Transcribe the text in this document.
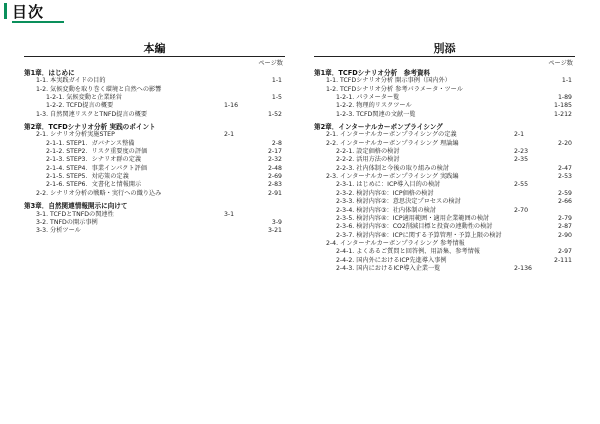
目次
本編
ページ数
第1章．はじめに
1-1. 本実践ガイドの目的	1-1
1-2. 気候変動を取り巻く環境と自然への影響
1-2-1. 気候変動と企業経営	1-5
1-2-2. TCFD提言の概要	1-16
1-3. 自然関連リスクとTNFD提言の概要	1-52
第2章．TCFDシナリオ分析 実践のポイント
2-1. シナリオ分析実施STEP	2-1
2-1-1. STEP1．ガバナンス整備	2-8
2-1-2. STEP2．リスク重要度の評価	2-17
2-1-3. STEP3．シナリオ群の定義	2-32
2-1-4. STEP4．事業インパクト評価	2-48
2-1-5. STEP5．対応策の定義	2-69
2-1-6. STEP6．文書化と情報開示	2-83
2-2. シナリオ分析の戦略・実行への織り込み	2-91
第3章．自然関連情報開示に向けて
3-1. TCFDとTNFDの関連性	3-1
3-2. TNFDの開示事例	3-9
3-3. 分析ツール	3-21
別添
ページ数
第1章．TCFDシナリオ分析　参考資料
1-1. TCFDシナリオ分析 開示事例（国内外）	1-1
1-2. TCFDシナリオ分析 参考パラメータ・ツール
1-2-1. パラメーター覧	1-89
1-2-2. 物理的リスクツール	1-185
1-2-3. TCFD関連の文献一覧	1-212
第2章．インターナルカーボンプライシング
2-1. インターナルカーボンプライシングの定義	2-1
2-2. インターナルカーボンプライシング 理論編	2-20
2-2-1. 設定価格の検討	2-23
2-2-2. 活用方法の検討	2-35
2-2-3. 社内体制と今後の取り組みの検討	2-47
2-3. インターナルカーボンプライシング 実践編	2-53
2-3-1. はじめに：ICP導入目的の検討	2-55
2-3-2. 検討内容①：ICP価格の検討	2-59
2-3-3. 検討内容②：意思決定プロセスの検討	2-66
2-3-4. 検討内容③：社内体制の検討	2-70
2-3-5. 検討内容④：ICP適用範囲・適用企業範囲の検討	2-79
2-3-6. 検討内容⑤：CO2削減目標と投資の連動性の検討	2-87
2-3-7. 検討内容⑥：ICPに関する予算管理・予算上限の検討	2-90
2-4. インターナルカーボンプライシング 参考情報
2-4-1. よくあるご質問と回答例、用語集、参考情報	2-97
2-4-2. 国内外におけるICP先進導入事例	2-111
2-4-3. 国内におけるICP導入企業一覧	2-136
